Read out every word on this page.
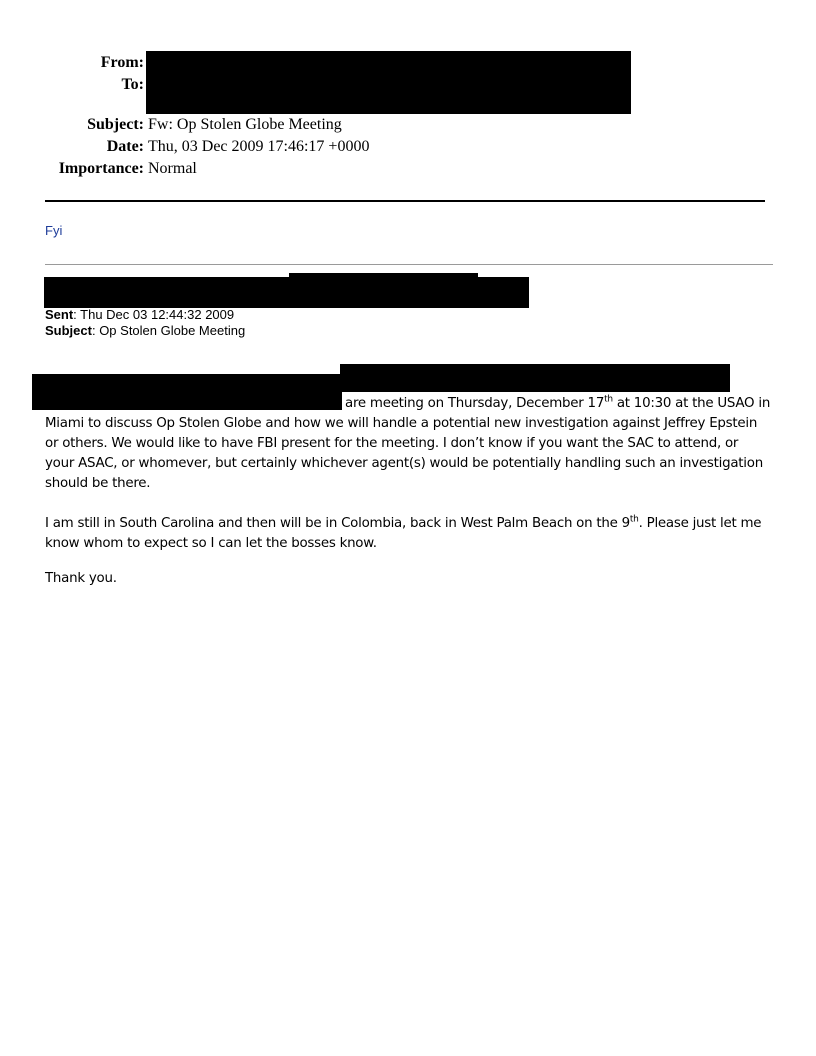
From:
To:
Subject: Fw: Op Stolen Globe Meeting
Date: Thu, 03 Dec 2009 17:46:17 +0000
Importance: Normal
Fyi
Sent: Thu Dec 03 12:44:32 2009
Subject: Op Stolen Globe Meeting
are meeting on Thursday, December 17th at 10:30 at the USAO in
Miami to discuss Op Stolen Globe and how we will handle a potential new investigation against Jeffrey Epstein
or others. We would like to have FBI present for the meeting. I don’t know if you want the SAC to attend, or
your ASAC, or whomever, but certainly whichever agent(s) would be potentially handling such an investigation
should be there.
I am still in South Carolina and then will be in Colombia, back in West Palm Beach on the 9th. Please just let me
know whom to expect so I can let the bosses know.
Thank you.
